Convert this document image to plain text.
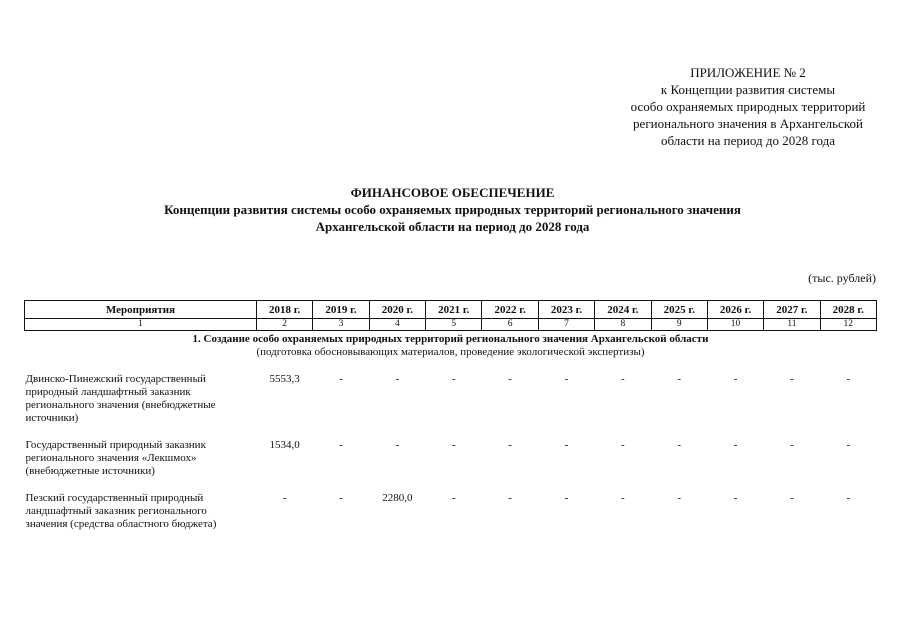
ПРИЛОЖЕНИЕ № 2
к Концепции развития системы
особо охраняемых природных территорий
регионального значения в Архангельской
области на период до 2028 года
ФИНАНСОВОЕ ОБЕСПЕЧЕНИЕ
Концепции развития системы особо охраняемых природных территорий регионального значения
Архангельской области на период до 2028 года
(тыс. рублей)
Мероприятия	2018 г.	2019 г.	2020 г.	2021 г.	2022 г.	2023 г.	2024 г.	2025 г.	2026 г.	2027 г.	2028 г.
1	2	3	4	5	6	7	8	9	10	11	12

1. Создание особо охраняемых природных территорий регионального значения Архангельской области
(подготовка обосновывающих материалов, проведение экологической экспертизы)											

Двинско-Пинежский государственный природный ландшафтный заказник регионального значения (внебюджетные источники)	5553,3	-	-	-	-	-	-	-	-	-	-
Государственный природный заказник регионального значения «Лекшмох» (внебюджетные источники)	1534,0	-	-	-	-	-	-	-	-	-	-
Пезский государственный природный ландшафтный заказник регионального значения (средства областного бюджета)	-	-	2280,0	-	-	-	-	-	-	-	-
